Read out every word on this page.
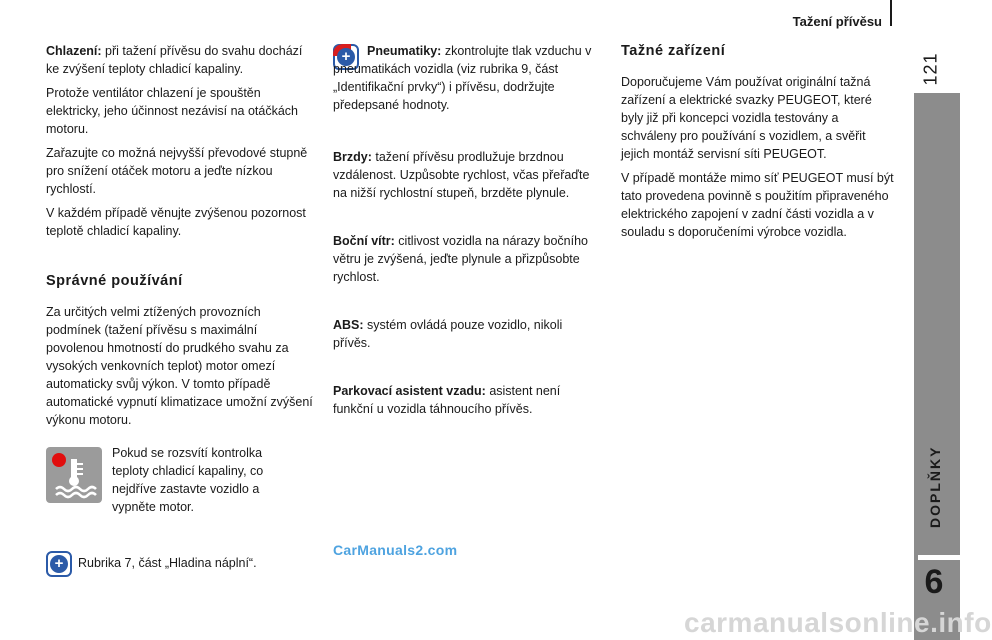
Tažení přívěsu
121
DOPLŇKY
6

Chlazení: při tažení přívěsu do svahu dochází ke zvýšení teploty chladicí kapaliny.

Protože ventilátor chlazení je spouštěn elektricky, jeho účinnost nezávisí na otáčkách motoru.

Zařazujte co možná nejvyšší převodové stupně pro snížení otáček motoru a jeďte nízkou rychlostí.

V každém případě věnujte zvýšenou pozornost teplotě chladicí kapaliny.

Správné používání

Za určitých velmi ztížených provozních podmínek (tažení přívěsu s maximální povolenou hmotností do prudkého svahu za vysokých venkovních teplot) motor omezí automaticky svůj výkon. V tomto případě automatické vypnutí klimatizace umožní zvýšení výkonu motoru.

Pokud se rozsvítí kontrolka teploty chladicí kapaliny, co nejdříve zastavte vozidlo a vypněte motor.

+	Rubrika 7, část „Hladina náplní“.

+	Pneumatiky: zkontrolujte tlak vzduchu v pneumatikách vozidla (viz rubrika 9, část „Identifikační prvky“) i přívěsu, dodržujte předepsané hodnoty.

Brzdy: tažení přívěsu prodlužuje brzdnou vzdálenost. Uzpůsobte rychlost, včas přeřaďte na nižší rychlostní stupeň, brzděte plynule.

Boční vítr: citlivost vozidla na nárazy bočního větru je zvýšená, jeďte plynule a přizpůsobte rychlost.

ABS: systém ovládá pouze vozidlo, nikoli přívěs.

Parkovací asistent vzadu: asistent není funkční u vozidla táhnoucího přívěs.

Tažné zařízení

Doporučujeme Vám používat originální tažná zařízení a elektrické svazky PEUGEOT, které byly již při koncepci vozidla testovány a schváleny pro používání s vozidlem, a svěřit jejich montáž servisní síti PEUGEOT.

V případě montáže mimo síť PEUGEOT musí být tato provedena povinně s použitím připraveného elektrického zapojení v zadní části vozidla a v souladu s doporučeními výrobce vozidla.

CarManuals2.com
carmanualsonline.info
